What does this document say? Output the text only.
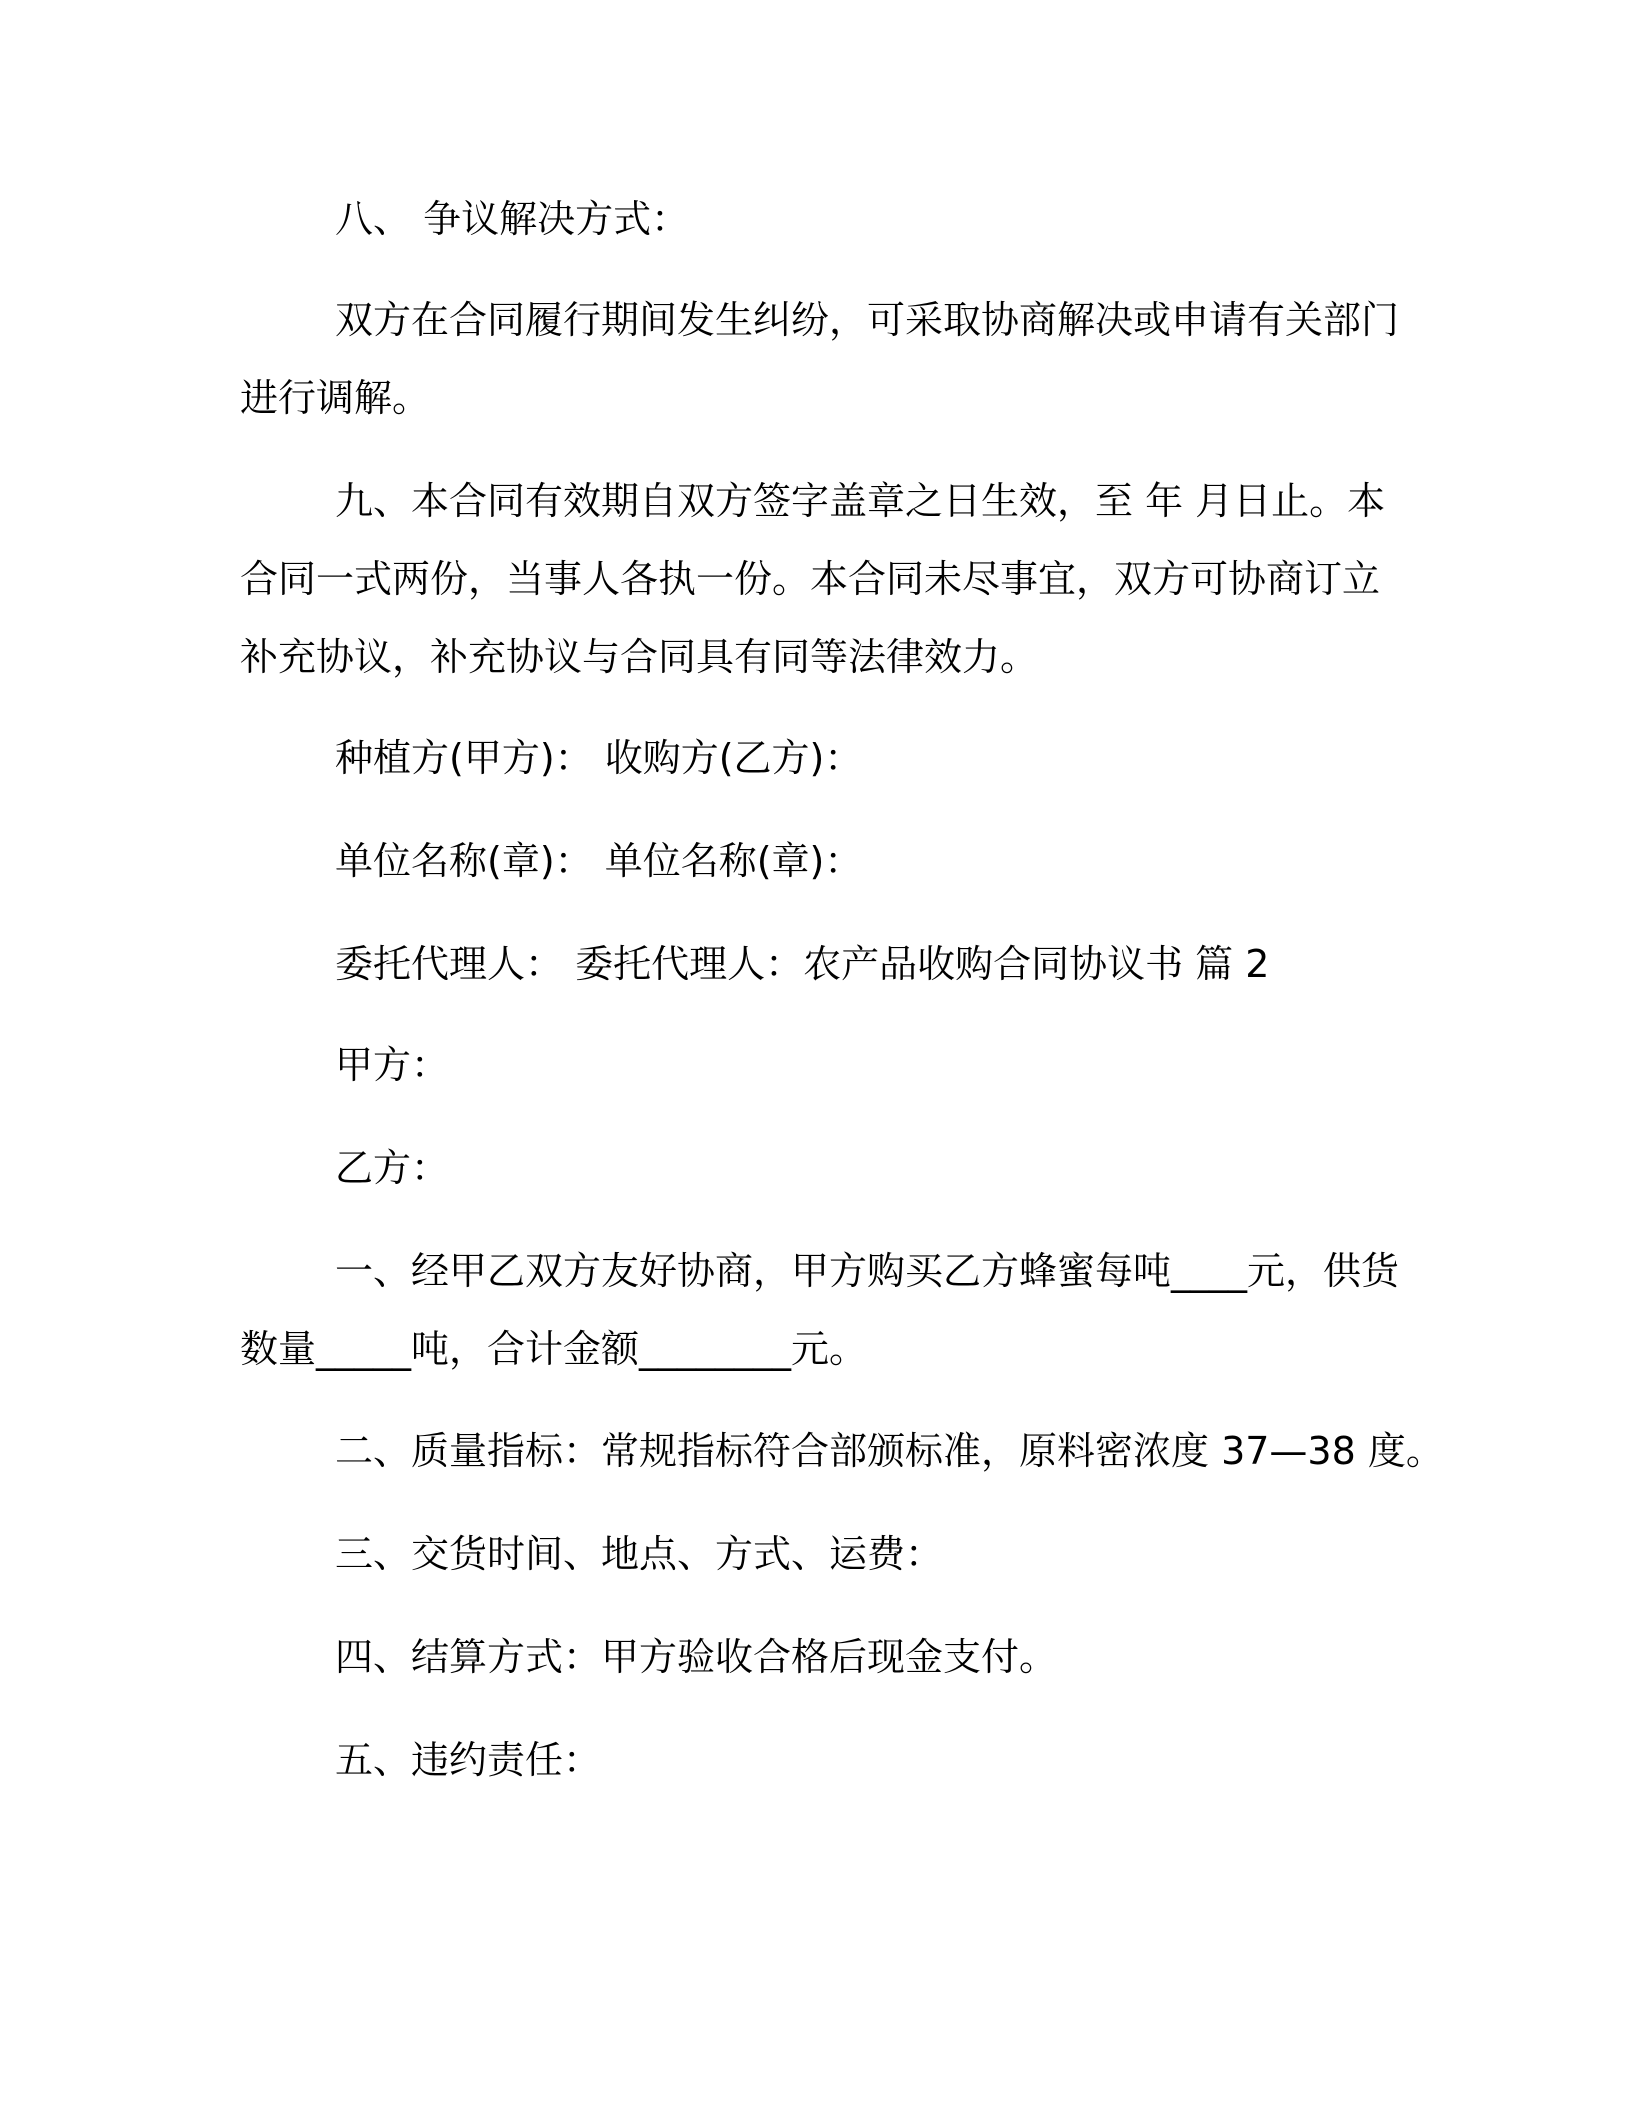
八、 争议解决方式：
双方在合同履行期间发生纠纷，可采取协商解决或申请有关部门
进行调解。
九、本合同有效期自双方签字盖章之日生效，至 年 月日止。本
合同一式两份，当事人各执一份。本合同未尽事宜，双方可协商订立
补充协议，补充协议与合同具有同等法律效力。
种植方(甲方)： 收购方(乙方)：
单位名称(章)： 单位名称(章)：
委托代理人： 委托代理人：农产品收购合同协议书 篇 2
甲方：
乙方：
一、经甲乙双方友好协商，甲方购买乙方蜂蜜每吨____元，供货
数量_____吨，合计金额________元。
二、质量指标：常规指标符合部颁标准，原料密浓度 37—38 度。
三、交货时间、地点、方式、运费：
四、结算方式：甲方验收合格后现金支付。
五、违约责任：
